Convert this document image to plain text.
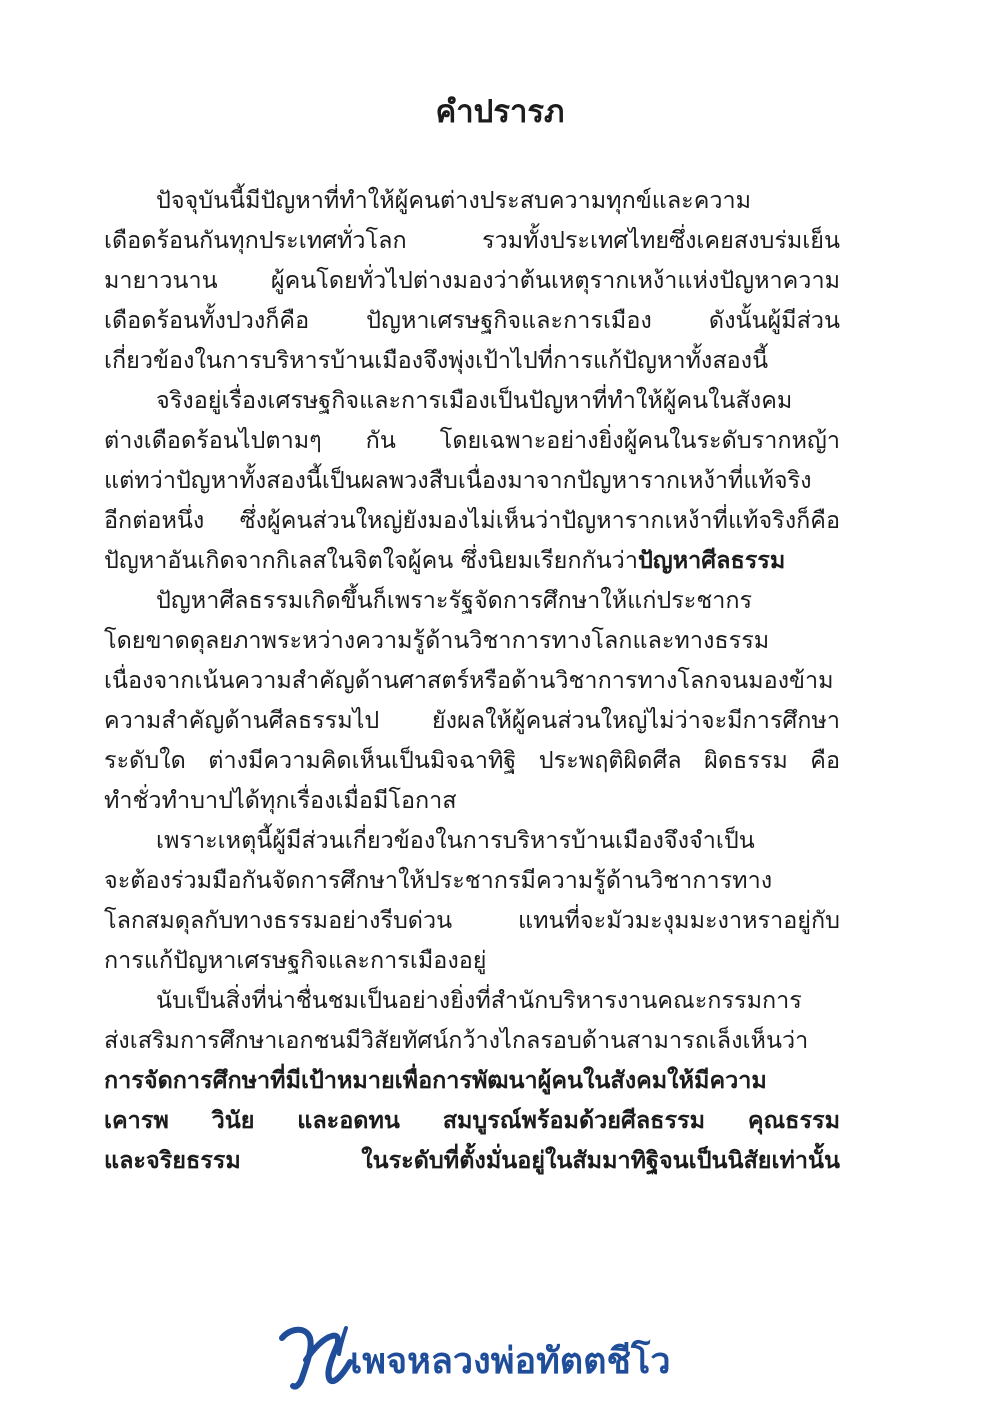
คำปรารภ
ปัจจุบันนี้มีปัญหาที่ทำให้ผู้คนต่างประสบความทุกข์และความ
เดือดร้อนกันทุกประเทศทั่วโลก รวมทั้งประเทศไทยซึ่งเคยสงบร่มเย็น
มายาวนาน ผู้คนโดยทั่วไปต่างมองว่าต้นเหตุรากเหง้าแห่งปัญหาความ
เดือดร้อนทั้งปวงก็คือ ปัญหาเศรษฐกิจและการเมือง ดังนั้นผู้มีส่วน
เกี่ยวข้องในการบริหารบ้านเมืองจึงพุ่งเป้าไปที่การแก้ปัญหาทั้งสองนี้
จริงอยู่เรื่องเศรษฐกิจและการเมืองเป็นปัญหาที่ทำให้ผู้คนในสังคม
ต่างเดือดร้อนไปตามๆ กัน โดยเฉพาะอย่างยิ่งผู้คนในระดับรากหญ้า
แต่ทว่าปัญหาทั้งสองนี้เป็นผลพวงสืบเนื่องมาจากปัญหารากเหง้าที่แท้จริง
อีกต่อหนึ่ง ซึ่งผู้คนส่วนใหญ่ยังมองไม่เห็นว่าปัญหารากเหง้าที่แท้จริงก็คือ
ปัญหาอันเกิดจากกิเลสในจิตใจผู้คน ซึ่งนิยมเรียกกันว่าปัญหาศีลธรรม
ปัญหาศีลธรรมเกิดขึ้นก็เพราะรัฐจัดการศึกษาให้แก่ประชากร
โดยขาดดุลยภาพระหว่างความรู้ด้านวิชาการทางโลกและทางธรรม
เนื่องจากเน้นความสำคัญด้านศาสตร์หรือด้านวิชาการทางโลกจนมองข้าม
ความสำคัญด้านศีลธรรมไป ยังผลให้ผู้คนส่วนใหญ่ไม่ว่าจะมีการศึกษา
ระดับใด ต่างมีความคิดเห็นเป็นมิจฉาทิฐิ ประพฤติผิดศีล ผิดธรรม คือ
ทำชั่วทำบาปได้ทุกเรื่องเมื่อมีโอกาส
เพราะเหตุนี้ผู้มีส่วนเกี่ยวข้องในการบริหารบ้านเมืองจึงจำเป็น
จะต้องร่วมมือกันจัดการศึกษาให้ประชากรมีความรู้ด้านวิชาการทาง
โลกสมดุลกับทางธรรมอย่างรีบด่วน แทนที่จะมัวมะงุมมะงาหราอยู่กับ
การแก้ปัญหาเศรษฐกิจและการเมืองอยู่
นับเป็นสิ่งที่น่าชื่นชมเป็นอย่างยิ่งที่สำนักบริหารงานคณะกรรมการ
ส่งเสริมการศึกษาเอกชนมีวิสัยทัศน์กว้างไกลรอบด้านสามารถเล็งเห็นว่า
การจัดการศึกษาที่มีเป้าหมายเพื่อการพัฒนาผู้คนในสังคมให้มีความ
เคารพ วินัย และอดทน สมบูรณ์พร้อมด้วยศีลธรรม คุณธรรม
และจริยธรรม ในระดับที่ตั้งมั่นอยู่ในสัมมาทิฐิจนเป็นนิสัยเท่านั้น
เพจหลวงพ่อทัตตชีโว
